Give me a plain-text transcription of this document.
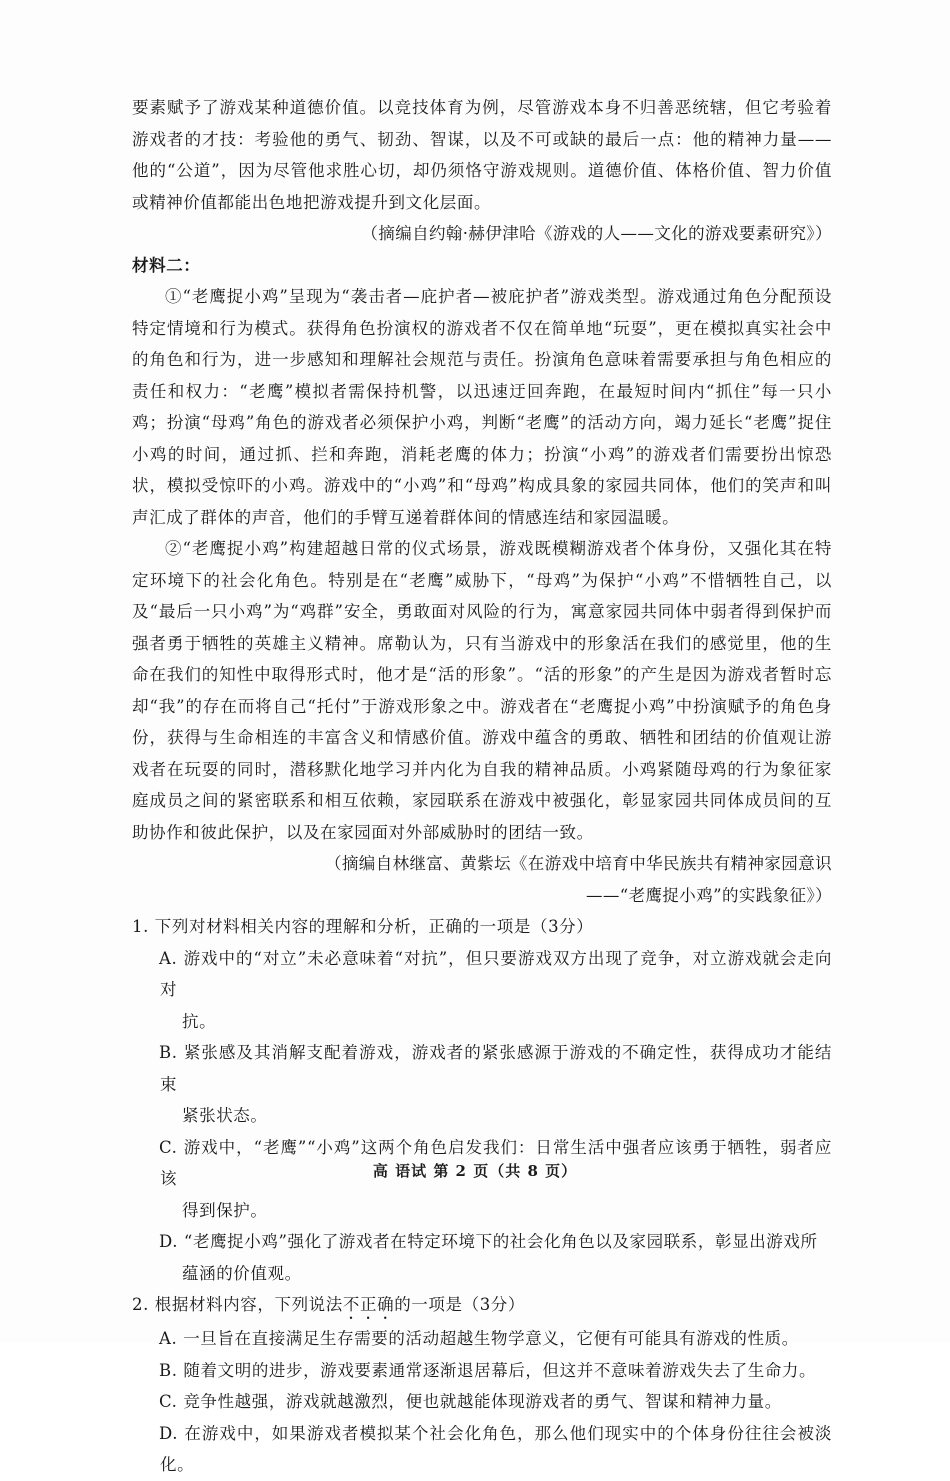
要素赋予了游戏某种道德价值。以竞技体育为例，尽管游戏本身不归善恶统辖，但它考验着游戏者的才技：考验他的勇气、韧劲、智谋，以及不可或缺的最后一点：他的精神力量——他的“公道”，因为尽管他求胜心切，却仍须恪守游戏规则。道德价值、体格价值、智力价值或精神价值都能出色地把游戏提升到文化层面。

（摘编自约翰·赫伊津哈《游戏的人——文化的游戏要素研究》）

材料二：

①“老鹰捉小鸡”呈现为“袭击者—庇护者—被庇护者”游戏类型。游戏通过角色分配预设特定情境和行为模式。获得角色扮演权的游戏者不仅在简单地“玩耍”，更在模拟真实社会中的角色和行为，进一步感知和理解社会规范与责任。扮演角色意味着需要承担与角色相应的责任和权力：“老鹰”模拟者需保持机警，以迅速迂回奔跑，在最短时间内“抓住”每一只小鸡；扮演“母鸡”角色的游戏者必须保护小鸡，判断“老鹰”的活动方向，竭力延长“老鹰”捉住小鸡的时间，通过抓、拦和奔跑，消耗老鹰的体力；扮演“小鸡”的游戏者们需要扮出惊恐状，模拟受惊吓的小鸡。游戏中的“小鸡”和“母鸡”构成具象的家园共同体，他们的笑声和叫声汇成了群体的声音，他们的手臂互递着群体间的情感连结和家园温暖。

②“老鹰捉小鸡”构建超越日常的仪式场景，游戏既模糊游戏者个体身份，又强化其在特定环境下的社会化角色。特别是在“老鹰”威胁下，“母鸡”为保护“小鸡”不惜牺牲自己，以及“最后一只小鸡”为“鸡群”安全，勇敢面对风险的行为，寓意家园共同体中弱者得到保护而强者勇于牺牲的英雄主义精神。席勒认为，只有当游戏中的形象活在我们的感觉里，他的生命在我们的知性中取得形式时，他才是“活的形象”。“活的形象”的产生是因为游戏者暂时忘却“我”的存在而将自己“托付”于游戏形象之中。游戏者在“老鹰捉小鸡”中扮演赋予的角色身份，获得与生命相连的丰富含义和情感价值。游戏中蕴含的勇敢、牺牲和团结的价值观让游戏者在玩耍的同时，潜移默化地学习并内化为自我的精神品质。小鸡紧随母鸡的行为象征家庭成员之间的紧密联系和相互依赖，家园联系在游戏中被强化，彰显家园共同体成员间的互助协作和彼此保护，以及在家园面对外部威胁时的团结一致。

（摘编自林继富、黄紫坛《在游戏中培育中华民族共有精神家园意识

——“老鹰捉小鸡”的实践象征》）

1. 下列对材料相关内容的理解和分析，正确的一项是（3分）

A. 游戏中的“对立”未必意味着“对抗”，但只要游戏双方出现了竞争，对立游戏就会走向对

抗。

B. 紧张感及其消解支配着游戏，游戏者的紧张感源于游戏的不确定性，获得成功才能结束

紧张状态。

C. 游戏中，“老鹰”“小鸡”这两个角色启发我们：日常生活中强者应该勇于牺牲，弱者应该

得到保护。

D. “老鹰捉小鸡”强化了游戏者在特定环境下的社会化角色以及家园联系，彰显出游戏所

蕴涵的价值观。

2. 根据材料内容，下列说法不正确的一项是（3分）

A. 一旦旨在直接满足生存需要的活动超越生物学意义，它便有可能具有游戏的性质。

B. 随着文明的进步，游戏要素通常逐渐退居幕后，但这并不意味着游戏失去了生命力。

C. 竞争性越强，游戏就越激烈，便也就越能体现游戏者的勇气、智谋和精神力量。

D. 在游戏中，如果游戏者模拟某个社会化角色，那么他们现实中的个体身份往往会被淡化。

高 语试 第 2 页（共 8 页）
